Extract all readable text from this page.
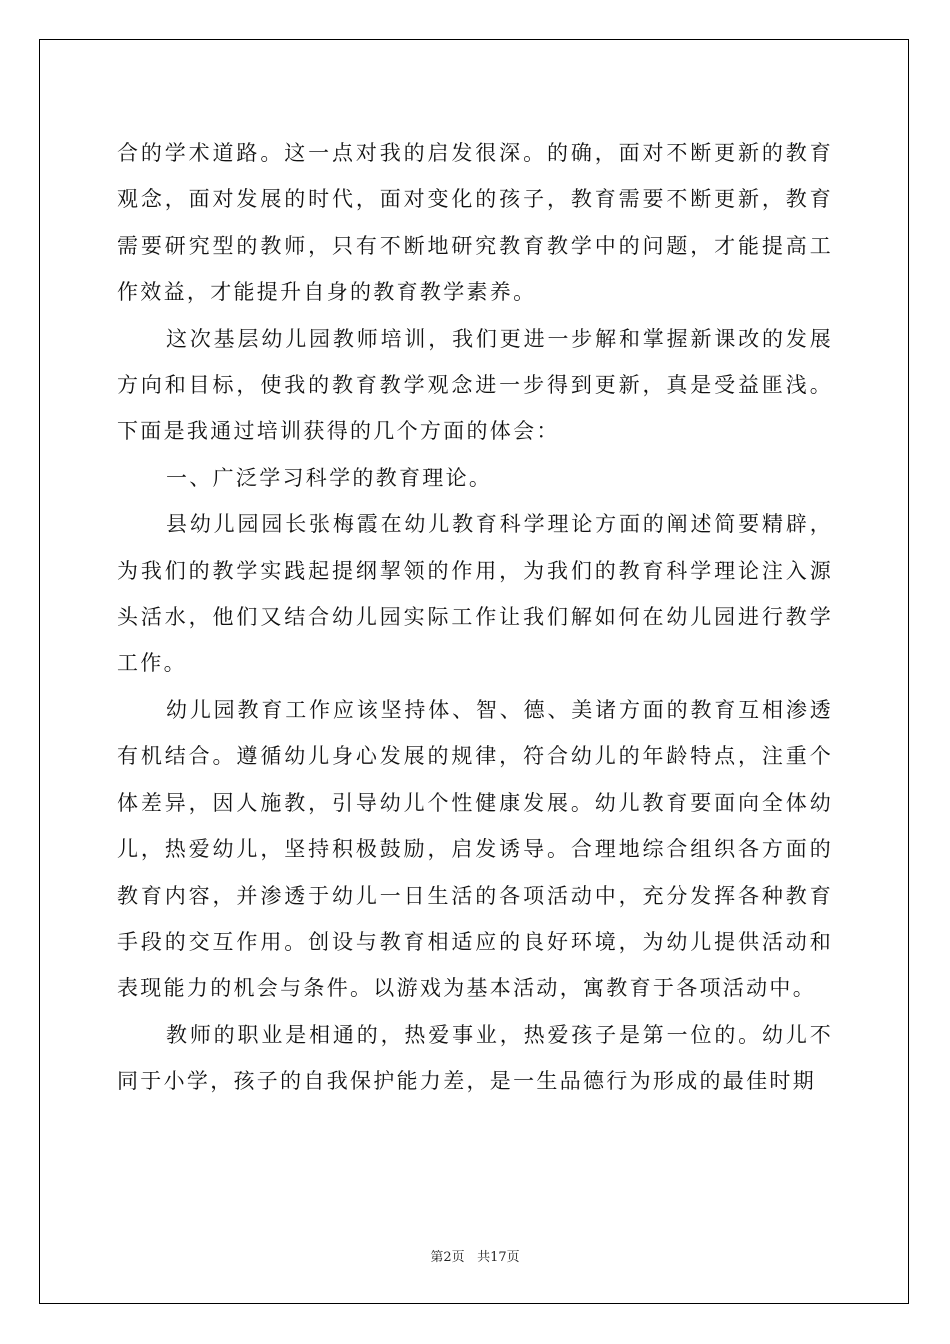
合的学术道路。这一点对我的启发很深。的确，面对不断更新的教育观念，面对发展的时代，面对变化的孩子，教育需要不断更新，教育需要研究型的教师，只有不断地研究教育教学中的问题，才能提高工作效益，才能提升自身的教育教学素养。

这次基层幼儿园教师培训，我们更进一步解和掌握新课改的发展方向和目标，使我的教育教学观念进一步得到更新，真是受益匪浅。下面是我通过培训获得的几个方面的体会：

一、广泛学习科学的教育理论。

县幼儿园园长张梅霞在幼儿教育科学理论方面的阐述简要精辟，为我们的教学实践起提纲挈领的作用，为我们的教育科学理论注入源头活水，他们又结合幼儿园实际工作让我们解如何在幼儿园进行教学工作。

幼儿园教育工作应该坚持体、智、德、美诸方面的教育互相渗透有机结合。遵循幼儿身心发展的规律，符合幼儿的年龄特点，注重个体差异，因人施教，引导幼儿个性健康发展。幼儿教育要面向全体幼儿，热爱幼儿，坚持积极鼓励，启发诱导。合理地综合组织各方面的教育内容，并渗透于幼儿一日生活的各项活动中，充分发挥各种教育手段的交互作用。创设与教育相适应的良好环境，为幼儿提供活动和表现能力的机会与条件。以游戏为基本活动，寓教育于各项活动中。

教师的职业是相通的，热爱事业，热爱孩子是第一位的。幼儿不同于小学，孩子的自我保护能力差，是一生品德行为形成的最佳时期

第2页 共17页
